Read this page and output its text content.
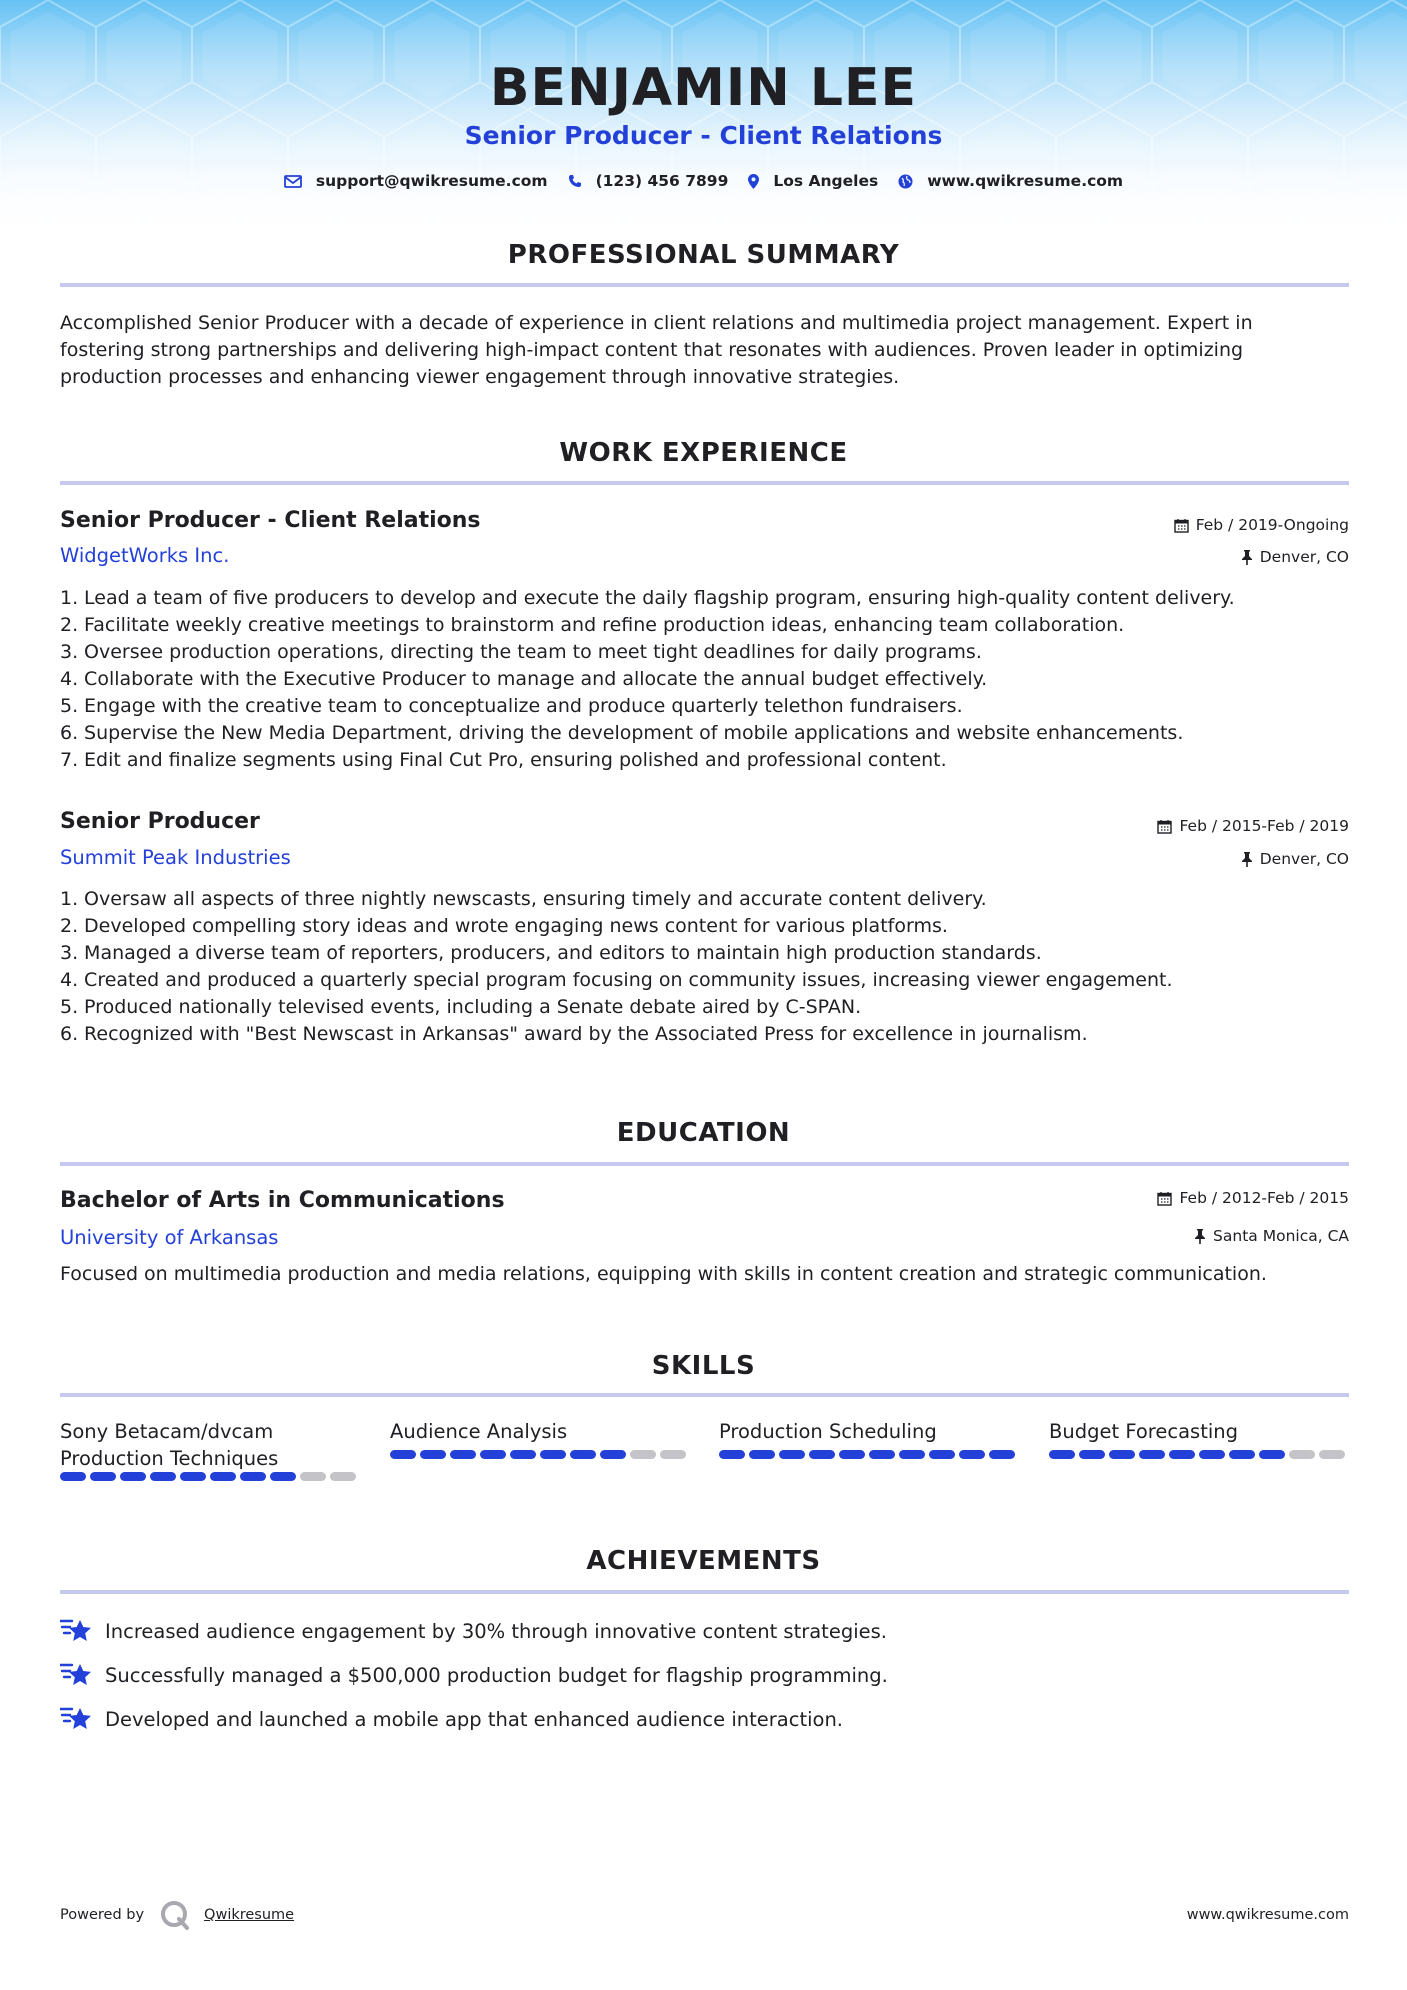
BENJAMIN LEE
Senior Producer - Client Relations
support@qwikresume.com	(123) 456 7899	Los Angeles	www.qwikresume.com
PROFESSIONAL SUMMARY
Accomplished Senior Producer with a decade of experience in client relations and multimedia project management. Expert in
fostering strong partnerships and delivering high-impact content that resonates with audiences. Proven leader in optimizing
production processes and enhancing viewer engagement through innovative strategies.
WORK EXPERIENCE
Senior Producer - Client Relations	Feb / 2019-Ongoing
WidgetWorks Inc.	Denver, CO
1. Lead a team of five producers to develop and execute the daily flagship program, ensuring high-quality content delivery.
2. Facilitate weekly creative meetings to brainstorm and refine production ideas, enhancing team collaboration.
3. Oversee production operations, directing the team to meet tight deadlines for daily programs.
4. Collaborate with the Executive Producer to manage and allocate the annual budget effectively.
5. Engage with the creative team to conceptualize and produce quarterly telethon fundraisers.
6. Supervise the New Media Department, driving the development of mobile applications and website enhancements.
7. Edit and finalize segments using Final Cut Pro, ensuring polished and professional content.
Senior Producer	Feb / 2015-Feb / 2019
Summit Peak Industries	Denver, CO
1. Oversaw all aspects of three nightly newscasts, ensuring timely and accurate content delivery.
2. Developed compelling story ideas and wrote engaging news content for various platforms.
3. Managed a diverse team of reporters, producers, and editors to maintain high production standards.
4. Created and produced a quarterly special program focusing on community issues, increasing viewer engagement.
5. Produced nationally televised events, including a Senate debate aired by C-SPAN.
6. Recognized with "Best Newscast in Arkansas" award by the Associated Press for excellence in journalism.
EDUCATION
Bachelor of Arts in Communications	Feb / 2012-Feb / 2015
University of Arkansas	Santa Monica, CA
Focused on multimedia production and media relations, equipping with skills in content creation and strategic communication.
SKILLS
Sony Betacam/dvcam Production Techniques
Audience Analysis	Production Scheduling	Budget Forecasting
ACHIEVEMENTS
Increased audience engagement by 30% through innovative content strategies.
Successfully managed a $500,000 production budget for flagship programming.
Developed and launched a mobile app that enhanced audience interaction.
Powered by	Qwikresume	www.qwikresume.com
